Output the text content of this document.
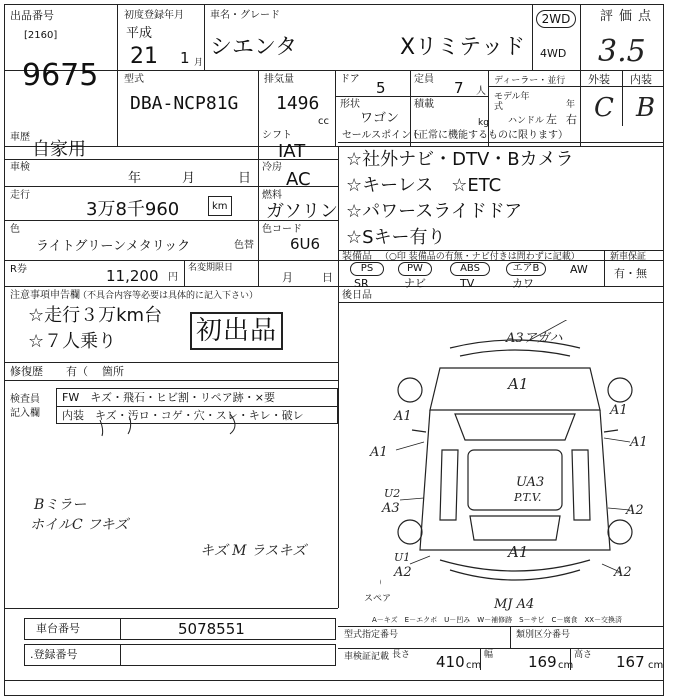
出品番号
[2160]
9675
初度登録年月
平成
21 1 月
車名・グレード
シエンタ	Xリミテッド
2WD
4WD
評価点
3.5
型式
DBA-NCP81G
排気量
1496
cc
ドア 5	定員 7 人
形状
ワゴン
積載
kg
ディーラー・並行
モデル年式	年
ハンドル 左 右
外装 内装
C B
車歴
自家用
シフト
IAT
車検
年	月	日
冷房
AC
走行
3万8千960	km
燃料
ガソリン
色
ライトグリーンメタリック	色替
色コード
6U6
R券	11,200 円
名変期限日
月	日
セールスポイント
（正常に機能するものに限ります）
☆社外ナビ・DTV・Bカメラ
☆キーレス　☆ETC
☆パワースライドドア
☆Sキー有り
装備品 （○印 装備品の有無・ナビ付きは問わずに記載）	新車保証
有・無
PS	PW	ABS	エアB	AW
SR	ナビ	TV	カワ
注意事項申告欄
（不具合内容等必要は具体的に記入下さい）
☆走行３万km台
☆７人乗り	初出品
修復歴 有（ 箇所
検査員
記入欄
FW　キズ・飛石・ヒビ割・リペア跡・×要
内装　キズ・汚ロ・コゲ・穴・スレ・キレ・破レ
Bミラー
ホイルC フキズ
キズ M ラスキズ
後日品
A3アガハ
A1
A1
A1
A1
A1
U2
A3
UA3
P.T.V.
A2
A1
U1
A2	A2
MJ A4
スペア
A－キズ　E－エクボ　U－凹み　W－補修跡　S－サビ　C－腐食　XX－交換済
車台番号	5078551
.登録番号
型式指定番号	類別区分番号
車検証記載 長さ 410 cm
幅 169 cm
高さ 167 cm
